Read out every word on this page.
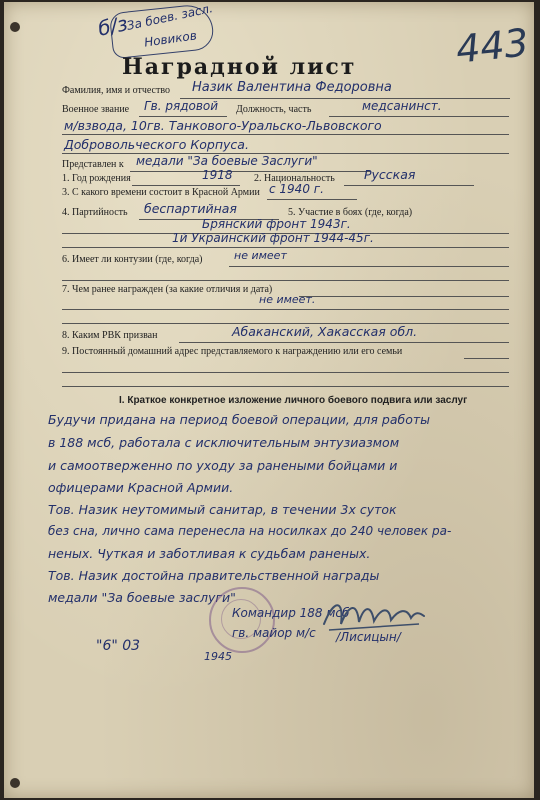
б/з
За боев. засл.
Новиков	443
Наградной лист
Фамилия, имя и отчество Назик Валентина Федоровна
Военное звание Гв. рядовой Должность, часть	медсанинст.
м/взвода, 10гв. Танкового-Уральско-Львовского
Добровольческого Корпуса.
Представлен к медали "За боевые Заслуги"
1. Год рождения	1918 2. Национальность Русская
3. С какого времени состоит в Красной Армии с 1940 г.
4. Партийность беспартийная	5. Участие в боях (где, когда)
Брянский фронт 1943г.
1й Украинский фронт 1944-45г.
6. Имеет ли контузии (где, когда)	не имеет
7. Чем ранее награжден (за какие отличия и дата)
не имеет.
8. Каким РВК призван	Абаканский, Хакасская обл.
9. Постоянный домашний адрес представляемого к награждению или его семьи
I. Краткое конкретное изложение личного боевого подвига или заслуг
Будучи придана на период боевой операции, для работы
в 188 мсб, работала с исключительным энтузиазмом
и самоотверженно по уходу за ранеными бойцами и
офицерами Красной Армии.
Тов. Назик неутомимый санитар, в течении 3х суток
без сна, лично сама перенесла на носилках до 240 человек ра-
неных. Чуткая и заботливая к судьбам раненых.
Тов. Назик достойна правительственной награды
медали "За боевые заслуги"
Командир 188 мсб
гв. майор м/с
"6" 03
1945
/Лисицын/
